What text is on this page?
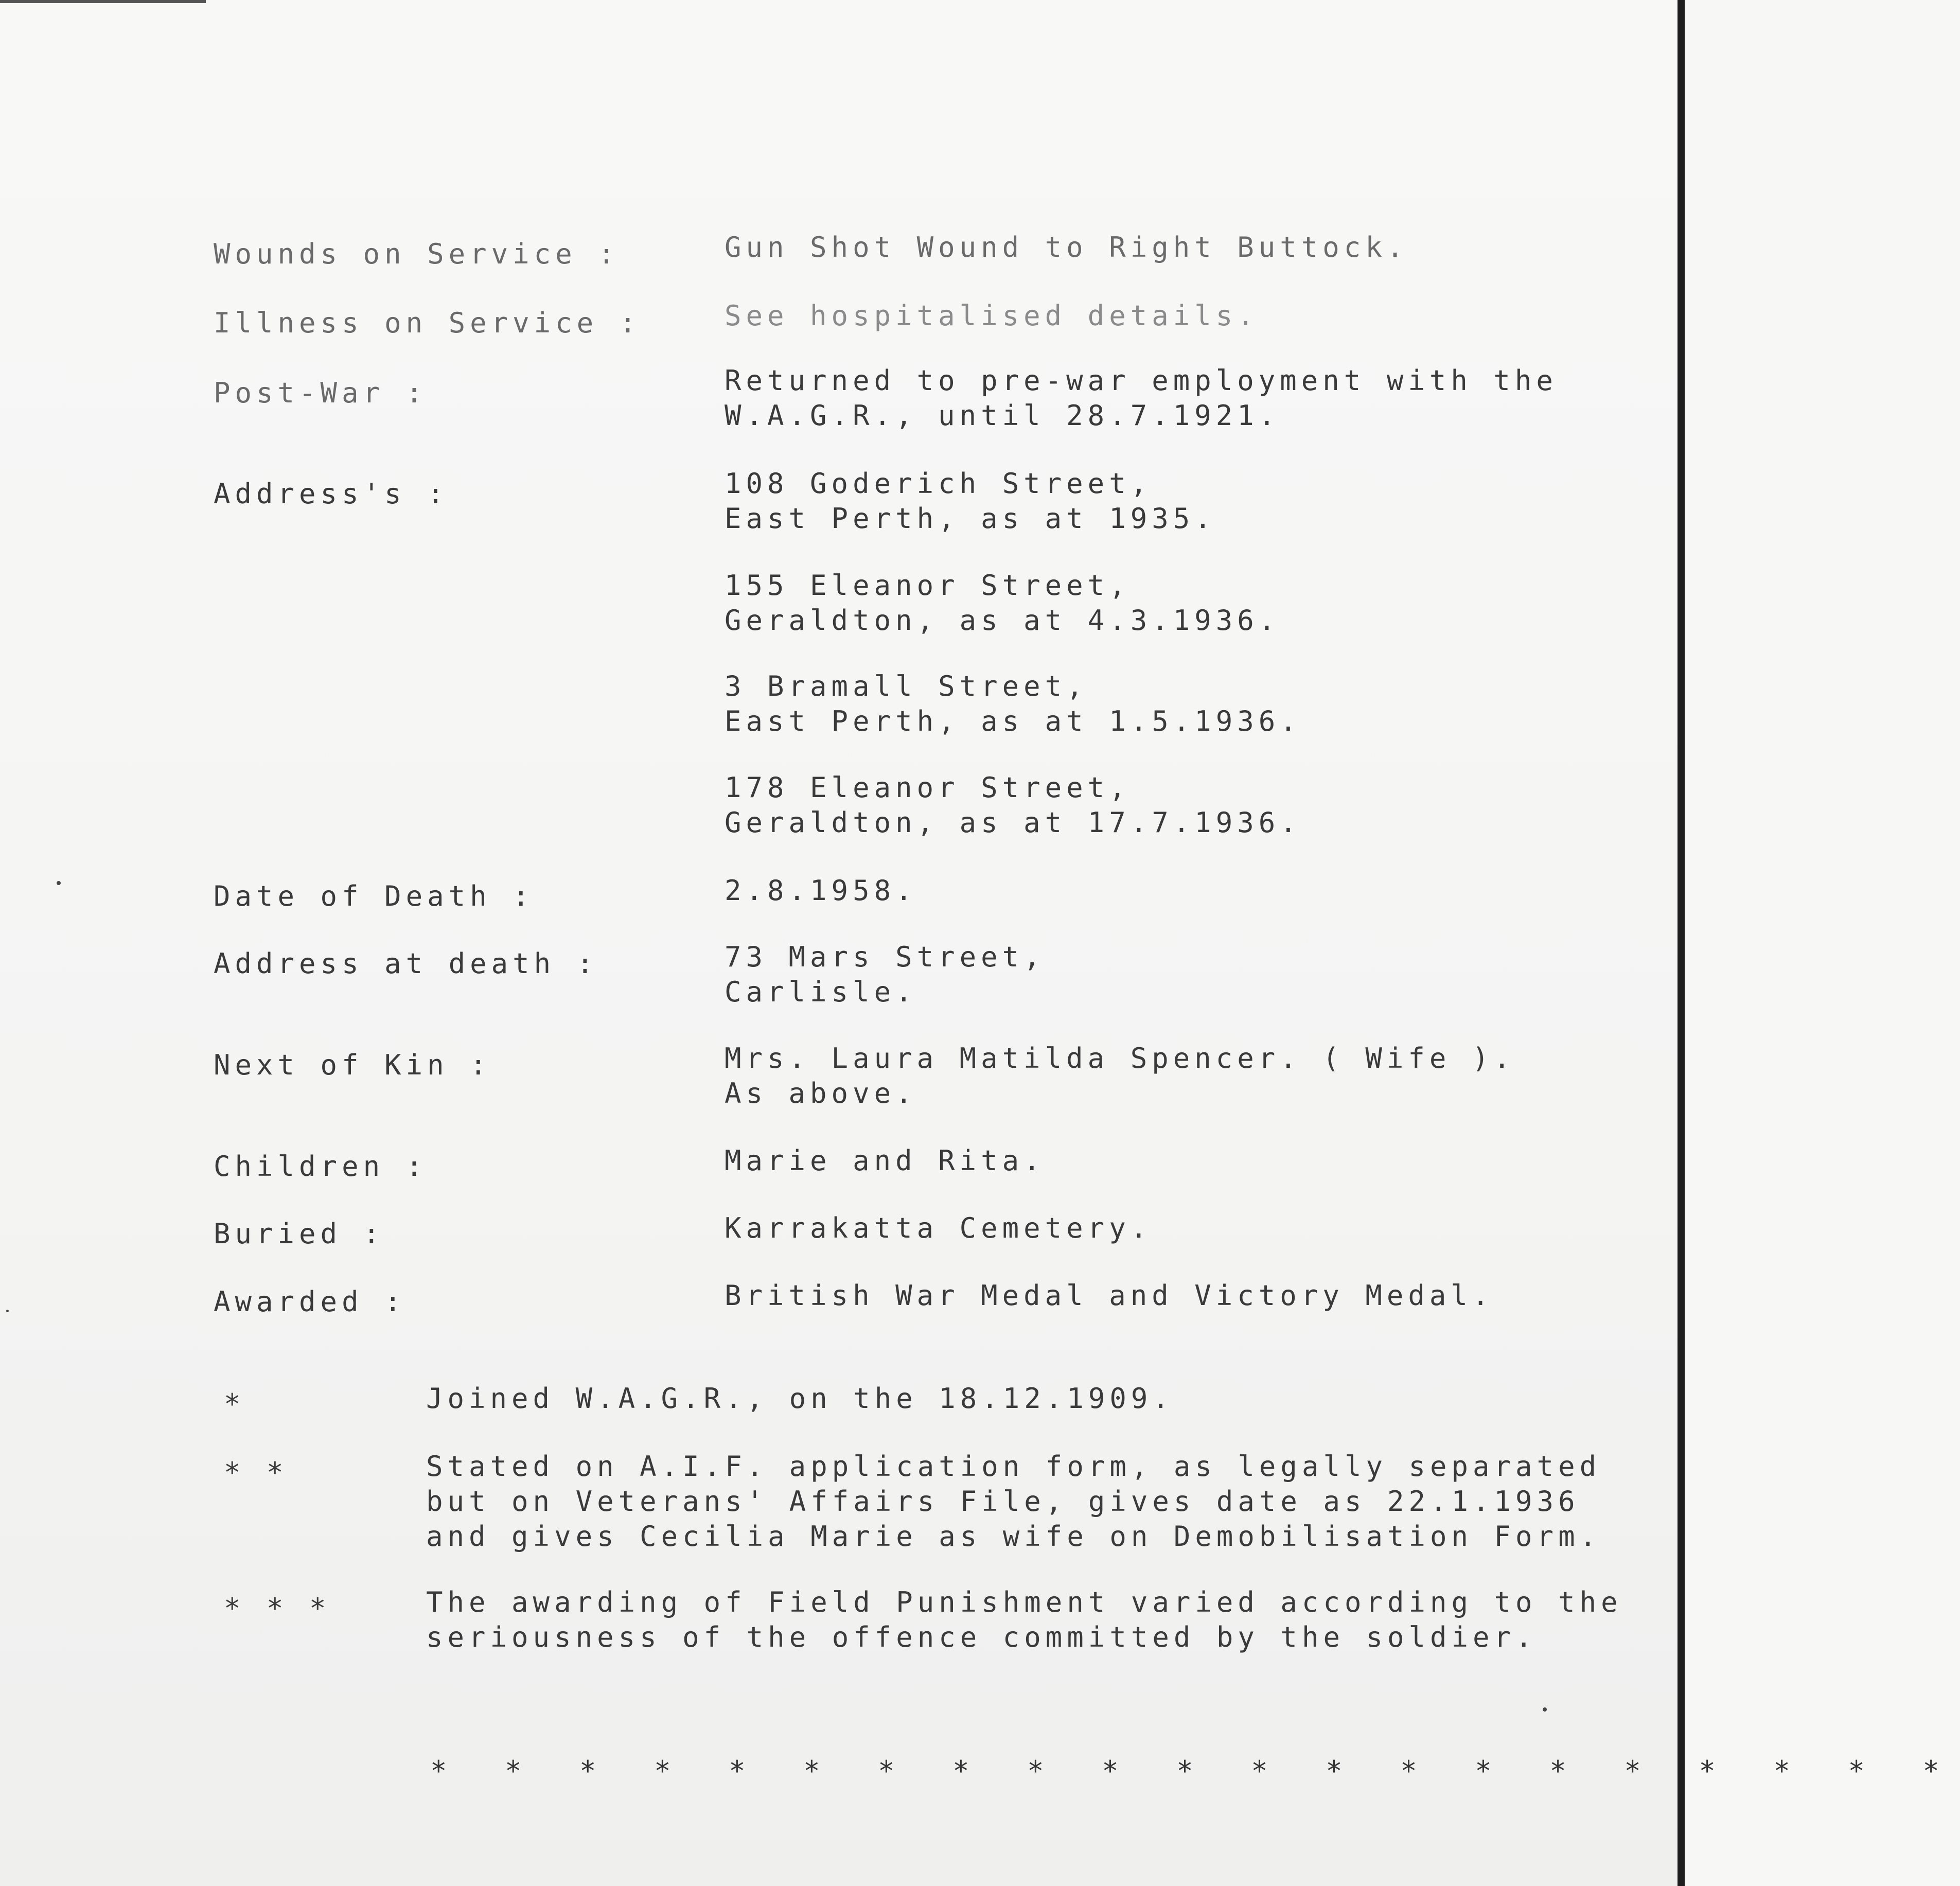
Wounds on Service :	Gun Shot Wound to Right Buttock.
Illness on Service :	See hospitalised details.
Post-War :	Returned to pre-war employment with the
W.A.G.R., until 28.7.1921.
Address's :	108 Goderich Street,
East Perth, as at 1935.
155 Eleanor Street,
Geraldton, as at 4.3.1936.
3 Bramall Street,
East Perth, as at 1.5.1936.
178 Eleanor Street,
Geraldton, as at 17.7.1936.
Date of Death :	2.8.1958.
Address at death :	73 Mars Street,
Carlisle.
Next of Kin :	Mrs. Laura Matilda Spencer. ( Wife ).
As above.
Children :	Marie and Rita.
Buried :	Karrakatta Cemetery.
Awarded :	British War Medal and Victory Medal.
*	Joined W.A.G.R., on the 18.12.1909.
* *	Stated on A.I.F. application form, as legally separated
but on Veterans' Affairs File, gives date as 22.1.1936
and gives Cecilia Marie as wife on Demobilisation Form.
* * *	The awarding of Field Punishment varied according to the
seriousness of the offence committed by the soldier.
* * * * * * * * * * * * * * * * * * * * *
